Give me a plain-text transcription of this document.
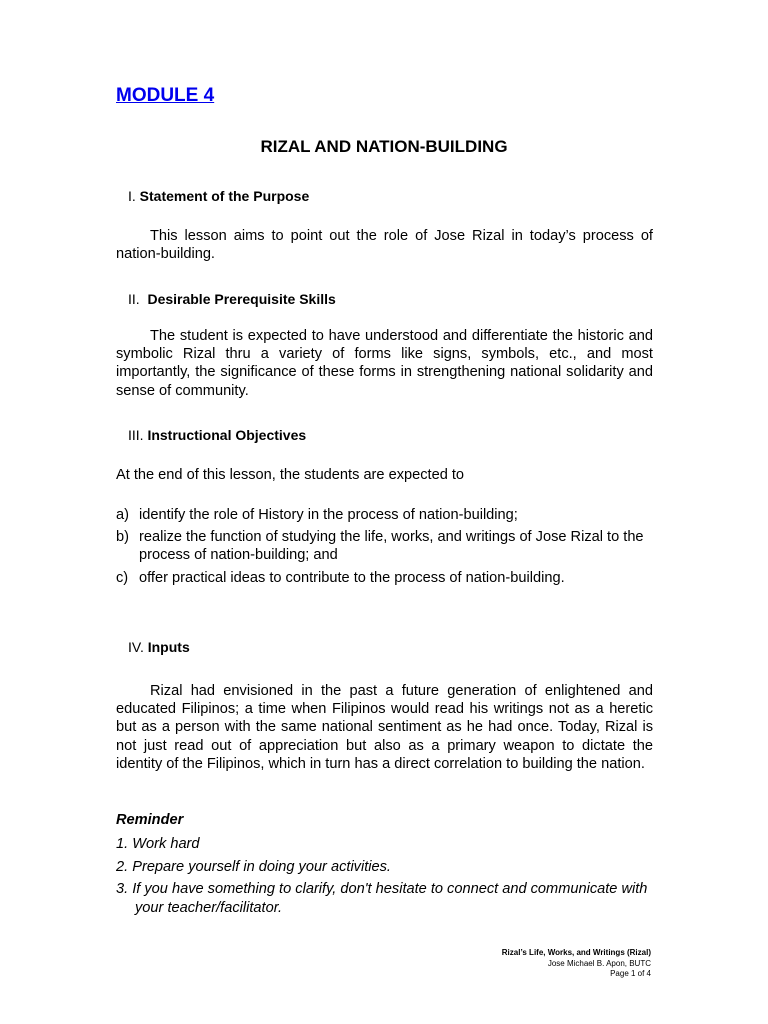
MODULE 4
RIZAL AND NATION-BUILDING
I. Statement of the Purpose
This lesson aims to point out the role of Jose Rizal in today’s process of nation-building.
II. Desirable Prerequisite Skills
The student is expected to have understood and differentiate the historic and symbolic Rizal thru a variety of forms like signs, symbols, etc., and most importantly, the significance of these forms in strengthening national solidarity and sense of community.
III. Instructional Objectives
At the end of this lesson, the students are expected to
a) identify the role of History in the process of nation-building;
b) realize the function of studying the life, works, and writings of Jose Rizal to the process of nation-building; and
c) offer practical ideas to contribute to the process of nation-building.
IV. Inputs
Rizal had envisioned in the past a future generation of enlightened and educated Filipinos; a time when Filipinos would read his writings not as a heretic but as a person with the same national sentiment as he had once. Today, Rizal is not just read out of appreciation but also as a primary weapon to dictate the identity of the Filipinos, which in turn has a direct correlation to building the nation.
Reminder
1. Work hard
2. Prepare yourself in doing your activities.
3. If you have something to clarify, don't hesitate to connect and communicate with your teacher/facilitator.
Rizal’s Life, Works, and Writings (Rizal)
Jose Michael B. Apon, BUTC
Page 1 of 4
